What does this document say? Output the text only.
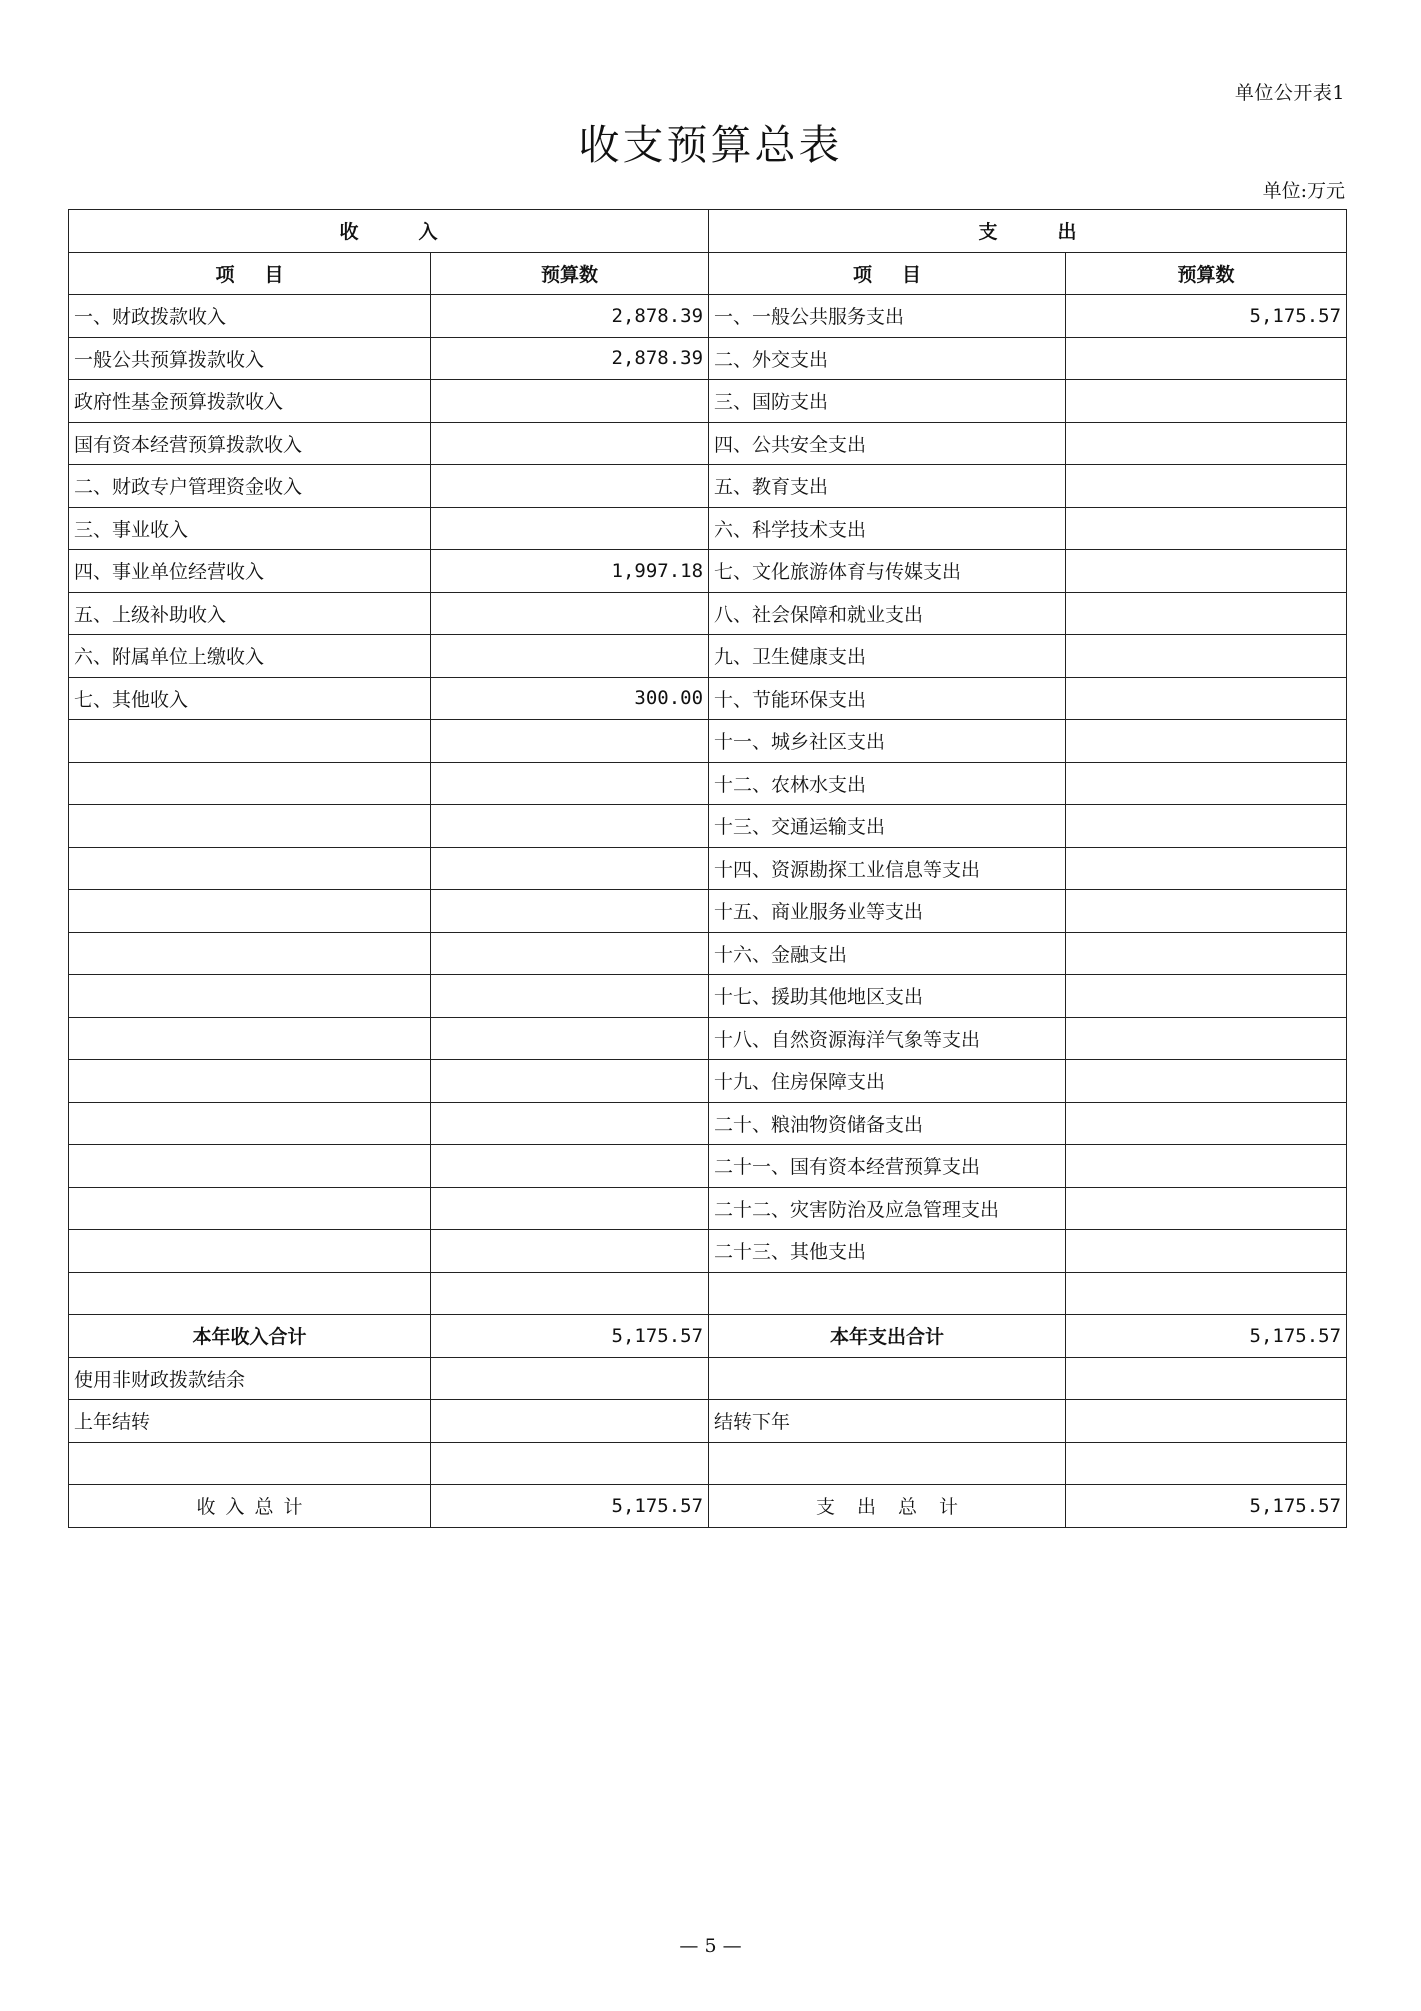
单位公开表1
收支预算总表
单位:万元
收入		支出	
项目	预算数	项目	预算数
一、财政拨款收入	2,878.39	一、一般公共服务支出	5,175.57
一般公共预算拨款收入	2,878.39	二、外交支出	
政府性基金预算拨款收入		三、国防支出	
国有资本经营预算拨款收入		四、公共安全支出	
二、财政专户管理资金收入		五、教育支出	
三、事业收入		六、科学技术支出	
四、事业单位经营收入	1,997.18	七、文化旅游体育与传媒支出	
五、上级补助收入		八、社会保障和就业支出	
六、附属单位上缴收入		九、卫生健康支出	
七、其他收入	300.00	十、节能环保支出	
		十一、城乡社区支出	
		十二、农林水支出	
		十三、交通运输支出	
		十四、资源勘探工业信息等支出	
		十五、商业服务业等支出	
		十六、金融支出	
		十七、援助其他地区支出	
		十八、自然资源海洋气象等支出	
		十九、住房保障支出	
		二十、粮油物资储备支出	
		二十一、国有资本经营预算支出	
		二十二、灾害防治及应急管理支出	
		二十三、其他支出	

本年收入合计	5,175.57	本年支出合计	5,175.57
使用非财政拨款结余			
上年结转		结转下年	

收入总计	5,175.57	支出总计	5,175.57
— 5 —
